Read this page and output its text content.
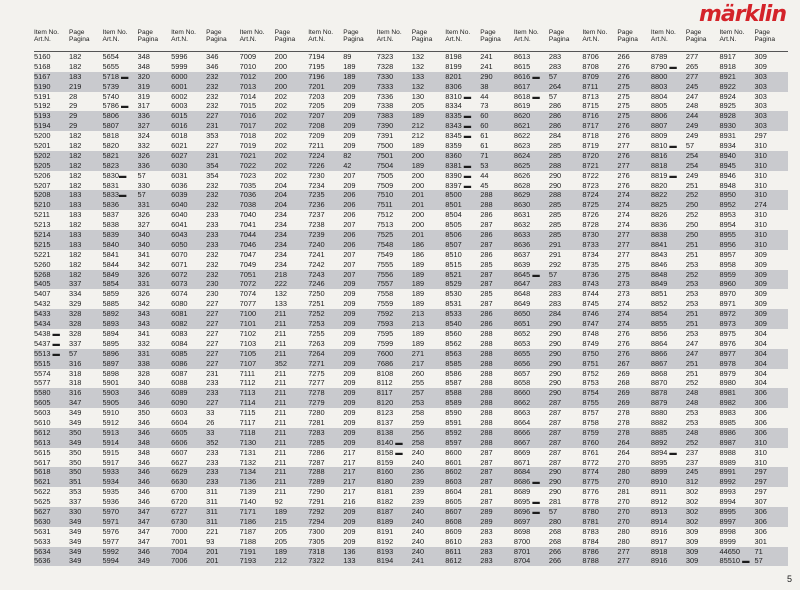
märklin
Item No.
Art.N.
Page
Pagina
5160	182
5168	182
5167	183
5190	219
5191	28
5192	29
5193	29
5194	29
5200	182
5201	182
5202	182
5205	182
5206	182
5207	182
5208	183
5210	183
5211	183
5213	182
5214	183
5215	183
5221	182
5260	182
5268	182
5405	337
5407	334
5432	329
5433	328
5434	328
5438 ▬	328
5437 ▬	337
5513 ▬	57
5515	316
5574	318
5577	318
5580	316
5605	347
5603	349
5610	349
5612	350
5613	349
5615	350
5617	350
5618	350
5621	351
5622	353
5625	337
5627	330
5630	349
5631	349
5633	349
5634	349
5636	349
Item No.
Art.N.
Page
Pagina
5654	348
5655	348
5718 ▬	320
5739	319
5740	319
5786 ▬	317
5806	336
5807	327
5818	324
5820	332
5821	326
5823	336
5830▬	57
5831	330
5833▬	57
5836	331
5837	326
5838	327
5839	340
5840	340
5841	341
5844	342
5849	326
5854	331
5859	326
5885	342
5892	343
5893	343
5894	341
5895	332
5896	331
5897	338
5898	328
5901	340
5903	346
5905	346
5910	350
5912	346
5913	346
5914	348
5915	348
5917	346
5933	346
5934	346
5935	346
5936	346
5970	347
5971	347
5976	347
5977	347
5992	346
5994	349
Item No.
Art.N.
Page
Pagina
5996	346
5999	346
6000	232
6001	232
6002	232
6003	232
6015	227
6016	231
6018	353
6021	227
6027	231
6030	354
6031	354
6036	232
6039	232
6040	232
6040	233
6041	233
6043	233
6050	233
6070	232
6071	232
6072	232
6073	230
6074	230
6080	227
6081	227
6082	227
6083	227
6084	227
6085	227
6086	227
6087	231
6088	233
6089	233
6090	227
6603	33
6604	26
6605	33
6606	352
6607	233
6627	233
6629	233
6630	233
6700	311
6720	311
6727	311
6730	311
7000	221
7001	93
7004	201
7006	201
Item No.
Art.N.
Page
Pagina
7009	200
7010	200
7012	200
7013	200
7014	202
7015	202
7016	202
7017	202
7018	202
7019	202
7021	202
7022	202
7023	202
7035	204
7036	204
7038	204
7040	234
7041	234
7044	234
7046	234
7047	234
7049	234
7051	218
7072	222
7074	132
7077	133
7100	211
7101	211
7102	211
7103	211
7105	211
7107	352
7111	211
7112	211
7113	211
7114	211
7115	211
7117	211
7118	211
7130	211
7131	211
7132	211
7134	211
7136	211
7139	211
7140	92
7171	189
7186	215
7187	205
7188	205
7191	189
7193	212
Item No.
Art.N.
Page
Pagina
7194	89
7195	189
7196	189
7201	209
7203	209
7205	209
7207	209
7208	209
7209	209
7211	209
7224	82
7226	42
7230	207
7234	209
7235	206
7236	206
7237	206
7238	207
7239	206
7240	206
7241	207
7242	207
7243	207
7246	209
7250	209
7251	209
7252	209
7253	209
7255	209
7263	209
7264	209
7271	209
7275	209
7277	209
7278	209
7279	209
7280	209
7281	209
7283	209
7285	209
7286	217
7287	217
7288	217
7289	217
7290	217
7291	216
7292	209
7294	209
7300	209
7305	209
7318	136
7322	133
Item No.
Art.N.
Page
Pagina
7323	132
7328	132
7330	133
7333	132
7336	130
7338	205
7383	189
7390	212
7391	212
7500	189
7501	200
7504	189
7505	200
7509	200
7510	201
7511	201
7512	200
7513	200
7525	201
7548	186
7549	186
7555	189
7556	189
7557	189
7558	189
7559	189
7592	213
7593	213
7595	189
7599	189
7600	271
7686	217
8108	260
8112	255
8117	257
8120	253
8123	258
8137	259
8138	256
8140 ▬	258
8158 ▬	240
8159	240
8160	236
8180	239
8181	239
8182	239
8187	240
8189	240
8191	240
8192	240
8193	240
8194	241
Item No.
Art.N.
Page
Pagina
8198	241
8199	241
8201	290
8306	38
8310 ▬	44
8334	73
8335 ▬	60
8343 ▬	60
8345 ▬	61
8359	61
8360	71
8381 ▬	53
8390 ▬	44
8397 ▬	45
8500	288
8501	288
8504	286
8505	287
8506	286
8507	287
8510	286
8515	285
8521	287
8529	287
8530	285
8531	287
8533	286
8540	286
8560	288
8562	288
8563	288
8585	288
8586	288
8587	288
8588	288
8589	288
8590	288
8591	288
8592	288
8597	288
8600	287
8601	287
8602	287
8603	287
8604	281
8605	287
8607	289
8608	289
8609	283
8610	283
8611	283
8612	283
Item No.
Art.N.
Page
Pagina
8613	283
8615	283
8616 ▬	57
8617	264
8618 ▬	57
8619	286
8620	286
8621	286
8622	284
8623	285
8624	285
8625	288
8626	290
8628	290
8629	288
8630	285
8631	285
8632	285
8633	285
8636	291
8637	291
8639	292
8645 ▬	57
8647	283
8648	283
8649	283
8650	284
8651	290
8652	290
8653	290
8655	290
8656	290
8657	290
8658	290
8660	290
8662	287
8663	287
8664	287
8666	287
8667	287
8669	287
8671	287
8684	290
8686 ▬	290
8689	290
8695 ▬	281
8696 ▬	57
8697	280
8698	268
8700	268
8701	266
8704	266
Item No.
Art.N.
Page
Pagina
8706	266
8708	276
8709	276
8711	275
8713	275
8715	275
8716	275
8717	276
8718	276
8719	277
8720	276
8721	277
8722	276
8723	276
8724	274
8725	274
8726	274
8728	274
8730	277
8733	277
8734	277
8735	275
8736	275
8743	273
8744	273
8745	274
8746	274
8747	274
8748	276
8749	276
8750	276
8751	267
8752	269
8753	268
8754	269
8755	269
8757	278
8758	278
8759	278
8760	264
8761	264
8772	270
8774	280
8775	270
8776	281
8778	270
8780	270
8781	270
8783	280
8784	280
8786	277
8788	277
Item No.
Art.N.
Page
Pagina
8789	277
8790 ▬	265
8800	277
8803	245
8804	247
8805	248
8806	244
8807	249
8809	249
8810 ▬	57
8816	254
8818	254
8819 ▬	249
8820	251
8822	252
8825	250
8826	252
8836	250
8838	250
8841	251
8843	251
8846	253
8848	252
8849	253
8851	253
8852	253
8854	251
8855	251
8856	253
8864	247
8866	247
8867	251
8868	251
8870	252
8878	248
8879	248
8880	253
8882	253
8885	248
8892	252
8894 ▬	237
8895	237
8899	245
8910	312
8911	302
8912	302
8913	302
8914	302
8916	309
8917	309
8918	309
8916	309
Item No.
Art.N.
Page
Pagina
8917	309
8918	309
8921	303
8922	303
8924	303
8925	303
8928	303
8930	303
8931	297
8934	310
8940	310
8945	310
8946	310
8948	310
8950	310
8952	274
8953	310
8954	310
8955	310
8956	310
8957	309
8958	309
8959	309
8960	309
8970	309
8971	309
8972	309
8973	309
8975	304
8976	304
8977	304
8978	304
8979	304
8980	304
8981	306
8982	306
8983	306
8985	306
8986	306
8987	310
8988	310
8989	310
8991	297
8992	297
8993	297
8994	307
8995	306
8997	306
8998	306
8999	301
44650	71
85510 ▬ 57
5
